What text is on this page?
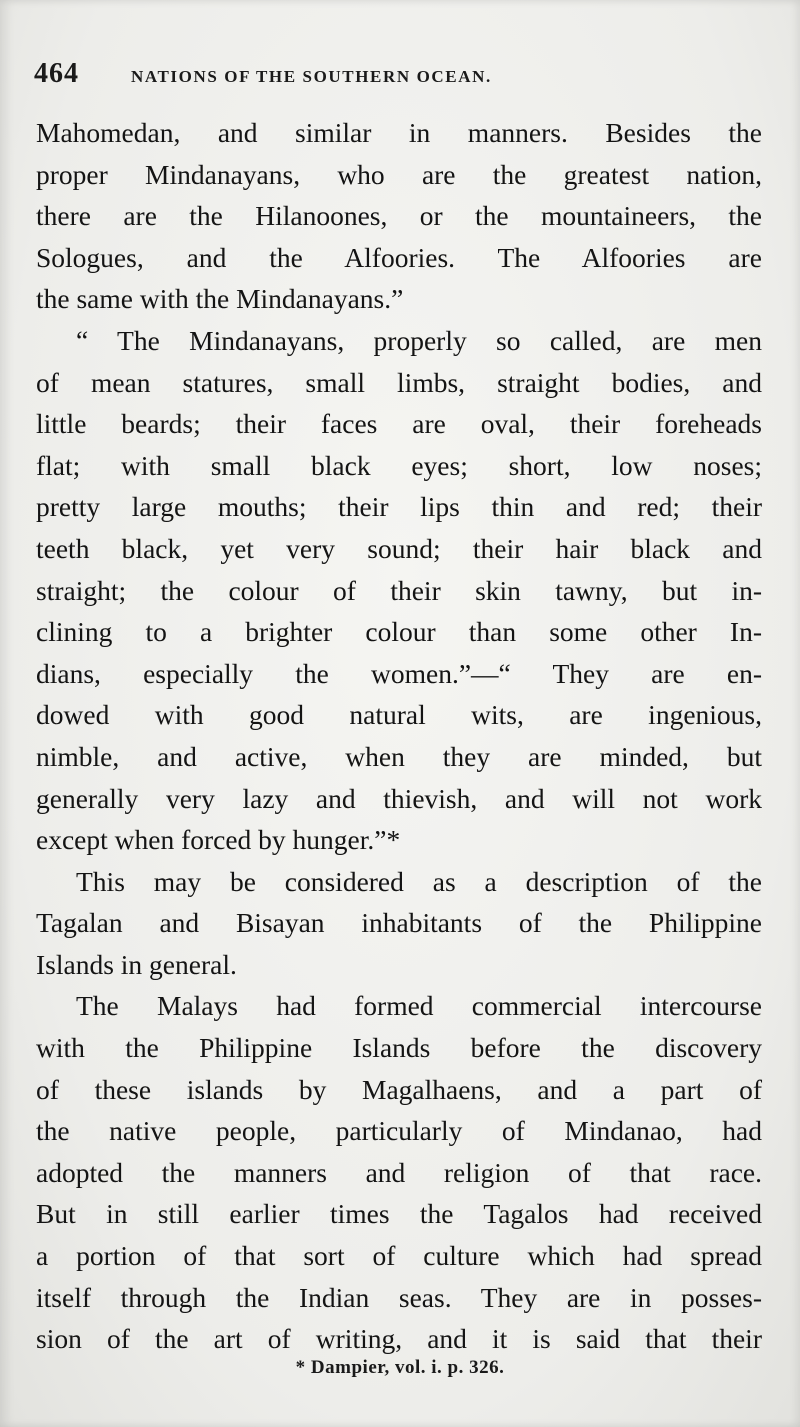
464	NATIONS OF THE SOUTHERN OCEAN.
Mahomedan, and similar in manners. Besides the
proper Mindanayans, who are the greatest nation,
there are the Hilanoones, or the mountaineers, the
Sologues, and the Alfoories. The Alfoories are
the same with the Mindanayans.”
“ The Mindanayans, properly so called, are men
of mean statures, small limbs, straight bodies, and
little beards; their faces are oval, their foreheads
flat; with small black eyes; short, low noses;
pretty large mouths; their lips thin and red; their
teeth black, yet very sound; their hair black and
straight; the colour of their skin tawny, but in-
clining to a brighter colour than some other In-
dians, especially the women.”—“ They are en-
dowed with good natural wits, are ingenious,
nimble, and active, when they are minded, but
generally very lazy and thievish, and will not work
except when forced by hunger.”*
This may be considered as a description of the
Tagalan and Bisayan inhabitants of the Philippine
Islands in general.
The Malays had formed commercial intercourse
with the Philippine Islands before the discovery
of these islands by Magalhaens, and a part of
the native people, particularly of Mindanao, had
adopted the manners and religion of that race.
But in still earlier times the Tagalos had received
a portion of that sort of culture which had spread
itself through the Indian seas. They are in posses-
sion of the art of writing, and it is said that their
* Dampier, vol. i. p. 326.
